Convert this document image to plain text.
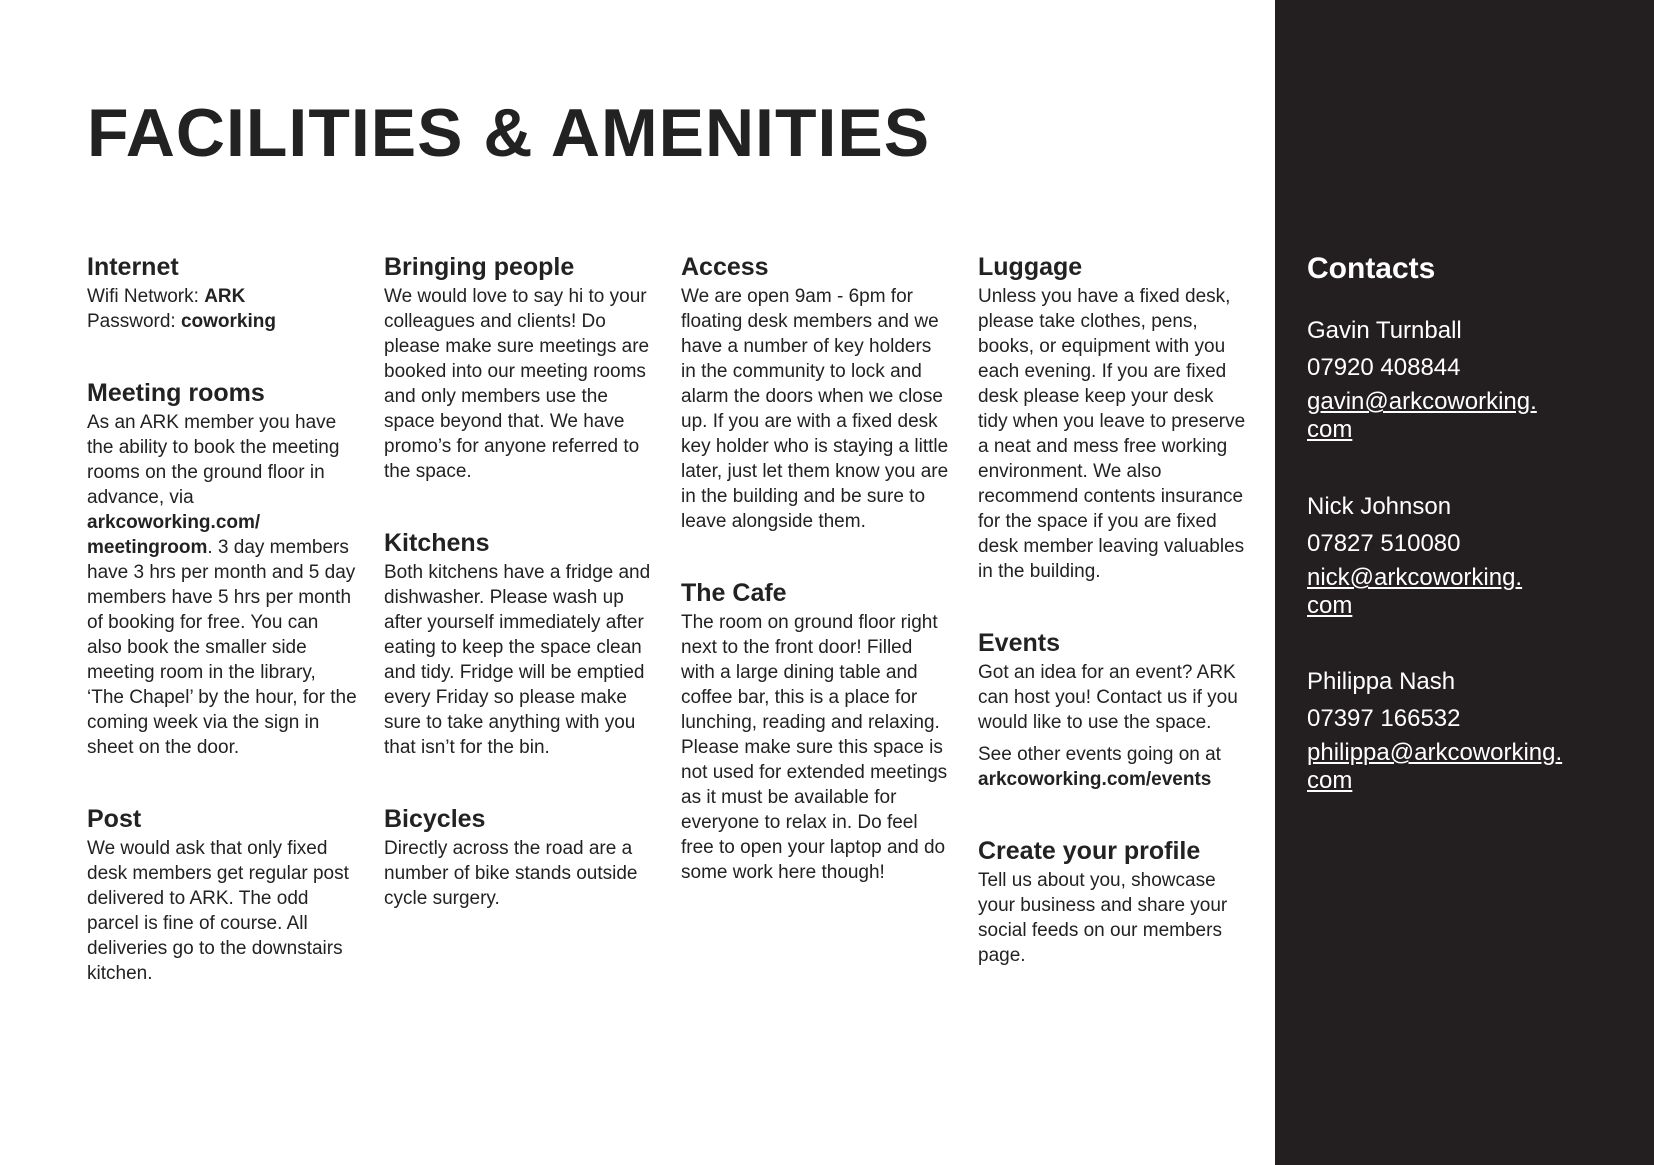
FACILITIES & AMENITIES
Internet

Wifi Network: ARK
Password: coworking

Meeting rooms

As an ARK member you have the ability to book the meeting rooms on the ground floor in advance, via arkcoworking.com/ meetingroom. 3 day members have 3 hrs per month and 5 day members have 5 hrs per month of booking for free. You can also book the smaller side meeting room in the library, ‘The Chapel’ by the hour, for the coming week via the sign in sheet on the door.

Post

We would ask that only fixed desk members get regular post delivered to ARK. The odd parcel is fine of course. All deliveries go to the downstairs kitchen.

Bringing people

We would love to say hi to your colleagues and clients! Do please make sure meetings are booked into our meeting rooms and only members use the space beyond that. We have promo’s for anyone referred to the space.

Kitchens

Both kitchens have a fridge and dishwasher. Please wash up after yourself immediately after eating to keep the space clean and tidy. Fridge will be emptied every Friday so please make sure to take anything with you that isn’t for the bin.

Bicycles

Directly across the road are a number of bike stands outside cycle surgery.

Access

We are open 9am - 6pm for floating desk members and we have a number of key holders in the community to lock and alarm the doors when we close up. If you are with a fixed desk key holder who is staying a little later, just let them know you are in the building and be sure to leave alongside them.

The Cafe

The room on ground floor right next to the front door! Filled with a large dining table and coffee bar, this is a place for lunching, reading and relaxing. Please make sure this space is not used for extended meetings as it must be available for everyone to relax in. Do feel free to open your laptop and do some work here though!

Luggage

Unless you have a fixed desk, please take clothes, pens, books, or equipment with you each evening. If you are fixed desk please keep your desk tidy when you leave to preserve a neat and mess free working environment. We also recommend contents insurance for the space if you are fixed desk member leaving valuables in the building.

Events

Got an idea for an event? ARK can host you! Contact us if you would like to use the space.

See other events going on at
arkcoworking.com/events

Create your profile

Tell us about you, showcase your business and share your social feeds on our members page.

Contacts
Gavin Turnball
07920 408844
gavin@arkcoworking.
com
Nick Johnson
07827 510080
nick@arkcoworking.
com
Philippa Nash
07397 166532
philippa@arkcoworking.
com
